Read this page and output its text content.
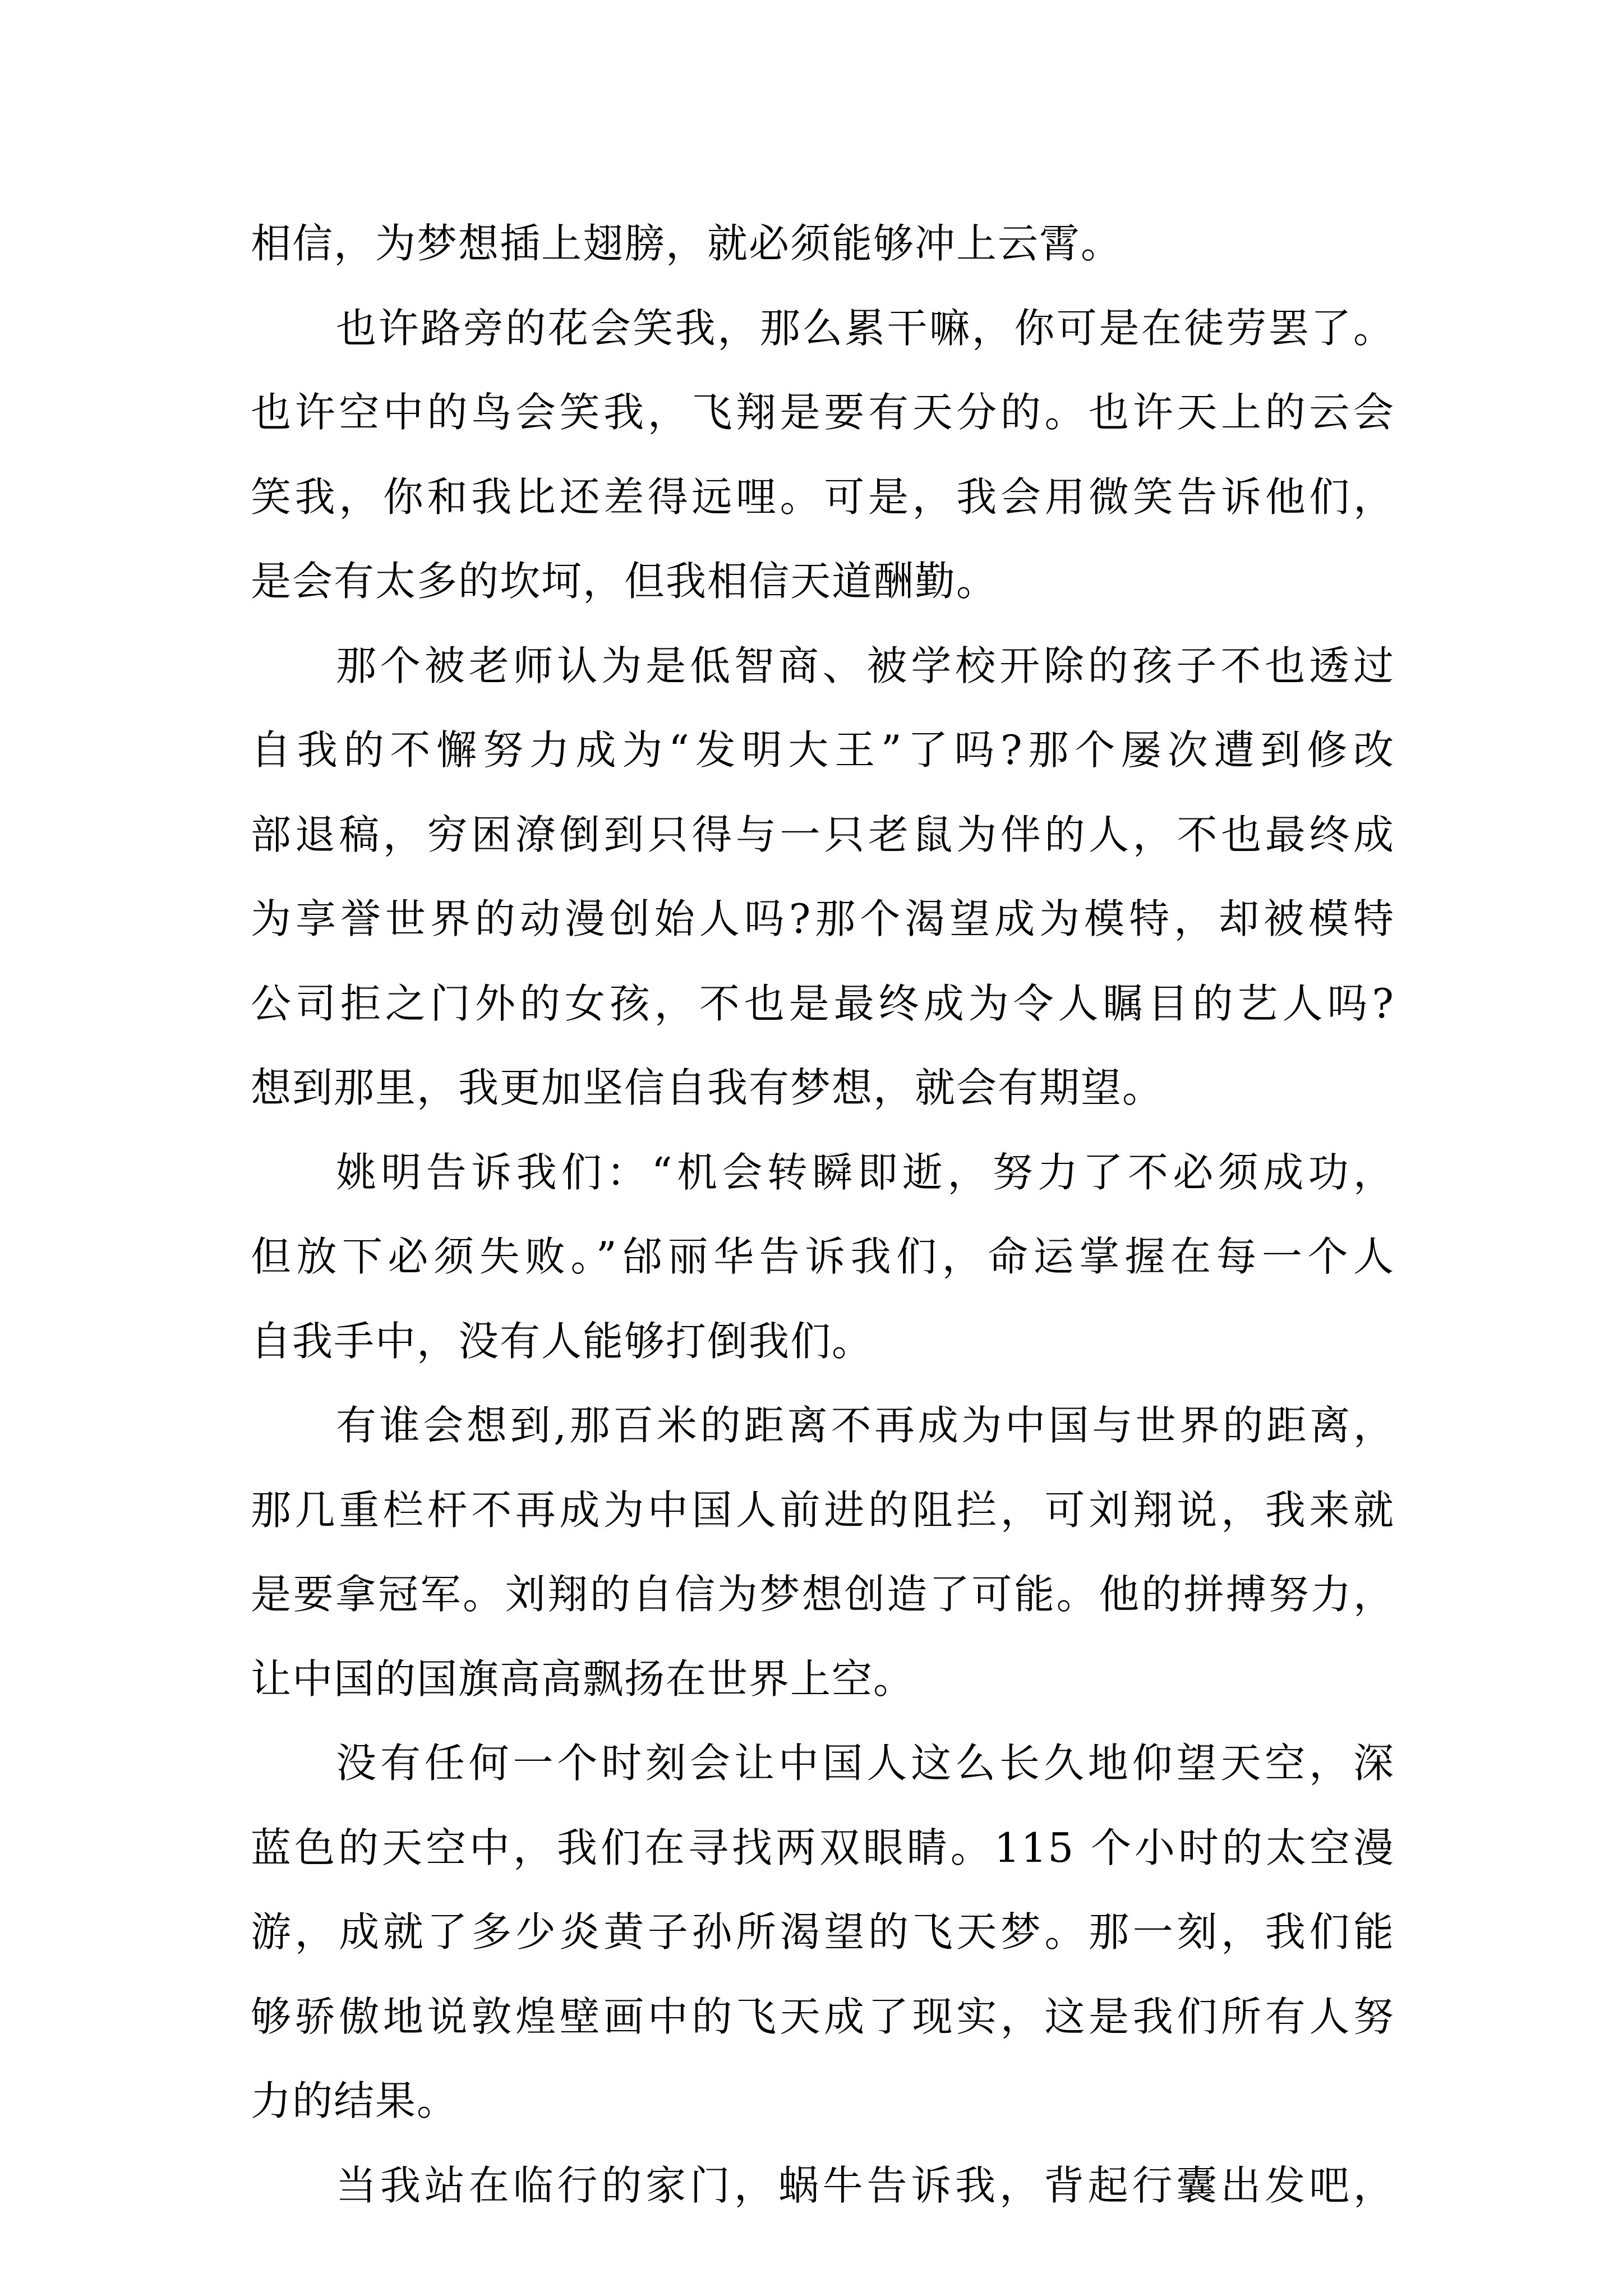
相信，为梦想插上翅膀，就必须能够冲上云霄。
也许路旁的花会笑我，那么累干嘛，你可是在徒劳罢了。
也许空中的鸟会笑我，飞翔是要有天分的。也许天上的云会
笑我，你和我比还差得远哩。可是，我会用微笑告诉他们，
是会有太多的坎坷，但我相信天道酬勤。
那个被老师认为是低智商、被学校开除的孩子不也透过
自我的不懈努力成为“发明大王”了吗?那个屡次遭到修改
部退稿，穷困潦倒到只得与一只老鼠为伴的人，不也最终成
为享誉世界的动漫创始人吗?那个渴望成为模特，却被模特
公司拒之门外的女孩，不也是最终成为令人瞩目的艺人吗?
想到那里，我更加坚信自我有梦想，就会有期望。
姚明告诉我们：“机会转瞬即逝，努力了不必须成功，
但放下必须失败。”邰丽华告诉我们，命运掌握在每一个人
自我手中，没有人能够打倒我们。
有谁会想到,那百米的距离不再成为中国与世界的距离，
那几重栏杆不再成为中国人前进的阻拦，可刘翔说，我来就
是要拿冠军。刘翔的自信为梦想创造了可能。他的拼搏努力，
让中国的国旗高高飘扬在世界上空。
没有任何一个时刻会让中国人这么长久地仰望天空，深
蓝色的天空中，我们在寻找两双眼睛。115 个小时的太空漫
游，成就了多少炎黄子孙所渴望的飞天梦。那一刻，我们能
够骄傲地说敦煌壁画中的飞天成了现实，这是我们所有人努
力的结果。
当我站在临行的家门，蜗牛告诉我，背起行囊出发吧，
